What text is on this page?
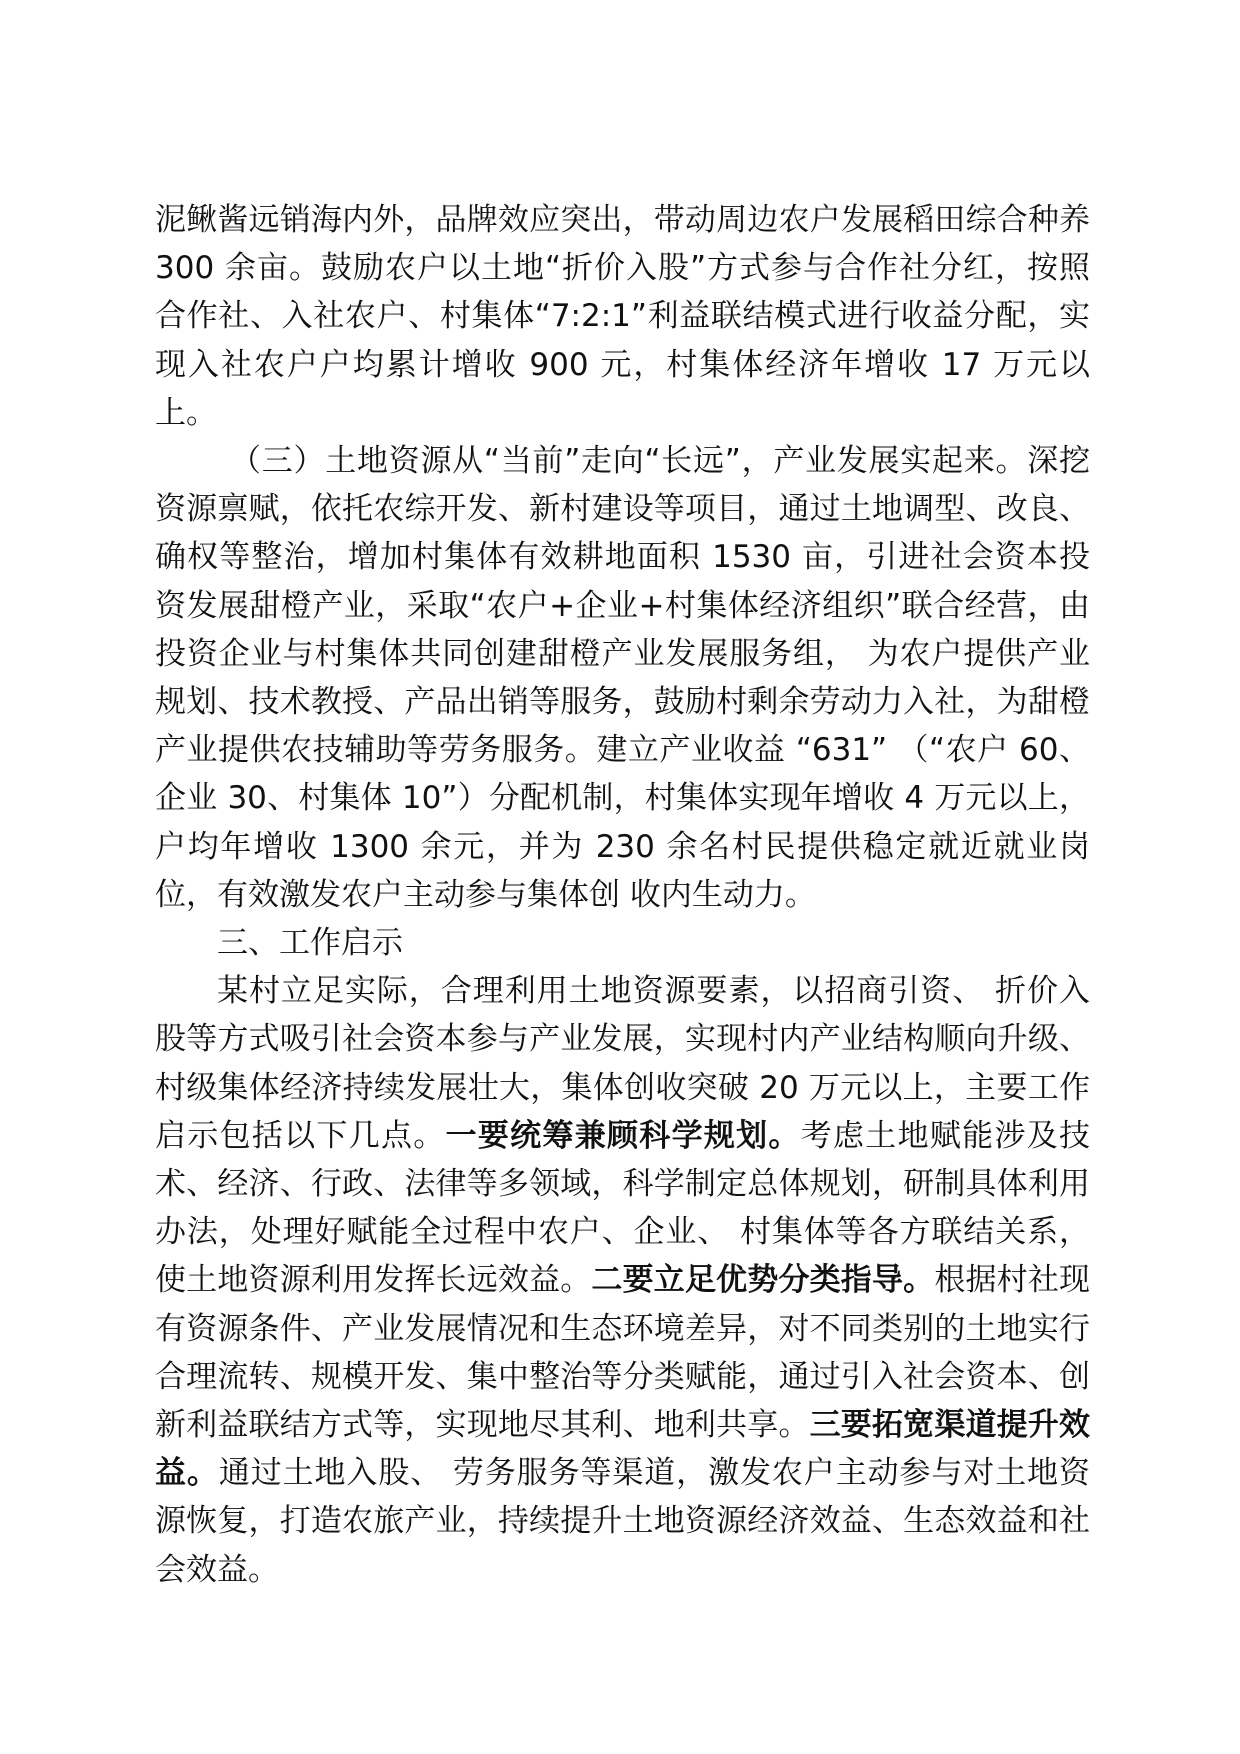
泥鳅酱远销海内外，品牌效应突出，带动周边农户发展稻田综合种养 300 余亩。鼓励农户以土地“折价入股”方式参与合作社分红，按照合作社、入社农户、村集体“7:2:1”利益联结模式进行收益分配，实现入社农户户均累计增收 900 元，村集体经济年增收 17 万元以上。

（三）土地资源从“当前”走向“长远”，产业发展实起来。深挖资源禀赋，依托农综开发、新村建设等项目，通过土地调型、改良、确权等整治，增加村集体有效耕地面积 1530 亩，引进社会资本投资发展甜橙产业，采取“农户+企业+村集体经济组织”联合经营，由投资企业与村集体共同创建甜橙产业发展服务组， 为农户提供产业规划、技术教授、产品出销等服务，鼓励村剩余劳动力入社，为甜橙产业提供农技辅助等劳务服务。建立产业收益 “631” （“农户 60、企业 30、村集体 10”）分配机制，村集体实现年增收 4 万元以上，户均年增收 1300 余元，并为 230 余名村民提供稳定就近就业岗位，有效激发农户主动参与集体创 收内生动力。

三、工作启示

某村立足实际，合理利用土地资源要素，以招商引资、 折价入股等方式吸引社会资本参与产业发展，实现村内产业结构顺向升级、村级集体经济持续发展壮大，集体创收突破 20 万元以上，主要工作启示包括以下几点。一要统筹兼顾科学规划。考虑土地赋能涉及技术、经济、行政、法律等多领域，科学制定总体规划，研制具体利用办法，处理好赋能全过程中农户、企业、 村集体等各方联结关系，使土地资源利用发挥长远效益。二要立足优势分类指导。根据村社现有资源条件、产业发展情况和生态环境差异，对不同类别的土地实行合理流转、规模开发、集中整治等分类赋能，通过引入社会资本、创新利益联结方式等，实现地尽其利、地利共享。三要拓宽渠道提升效益。通过土地入股、 劳务服务等渠道，激发农户主动参与对土地资源恢复，打造农旅产业，持续提升土地资源经济效益、生态效益和社会效益。
